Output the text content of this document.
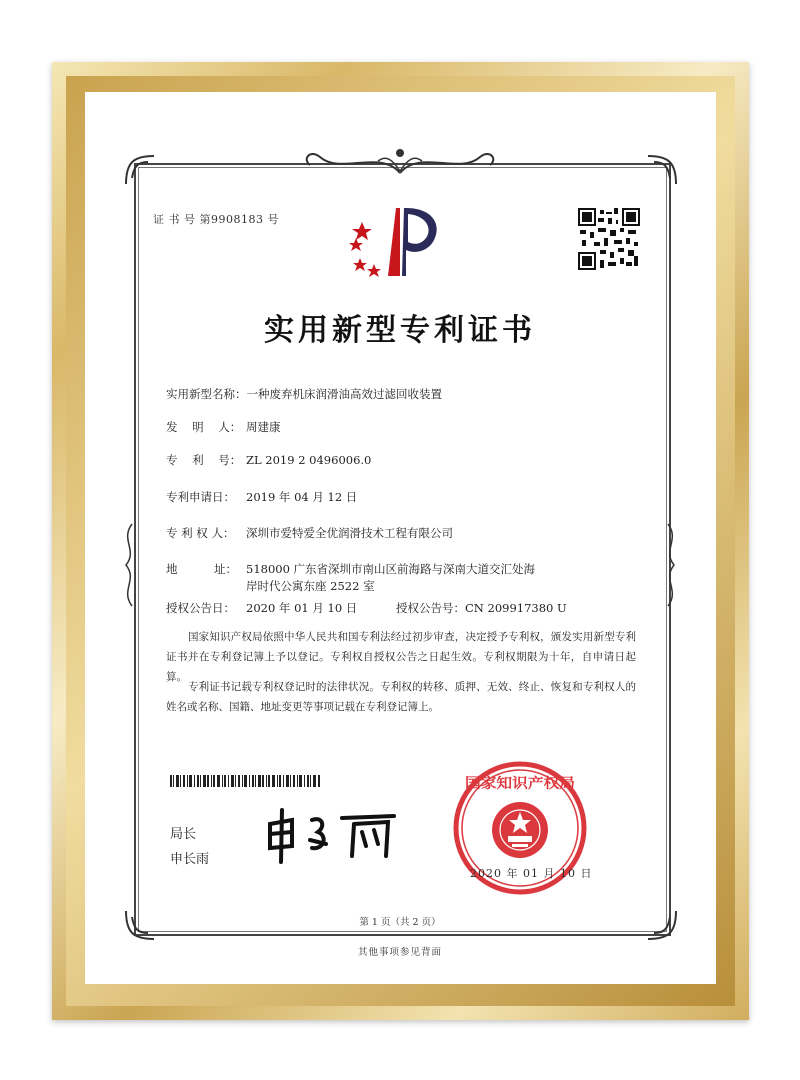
证 书 号 第9908183 号
实用新型专利证书
实用新型名称：一种废弃机床润滑油高效过滤回收装置
发    明    人： 周建康
专    利    号： ZL 2019 2 0496006.0
专利申请日： 2019 年 04 月 12 日
专 利 权 人： 深圳市爱特爱全优润滑技术工程有限公司
地          址： 518000 广东省深圳市南山区前海路与深南大道交汇处海
岸时代公寓东座 2522 室
授权公告日： 2020 年 01 月 10 日	授权公告号：CN 209917380 U
国家知识产权局依照中华人民共和国专利法经过初步审查，决定授予专利权，颁发实用新型专利证书并在专利登记簿上予以登记。专利权自授权公告之日起生效。专利权期限为十年，自申请日起算。
专利证书记载专利权登记时的法律状况。专利权的转移、质押、无效、终止、恢复和专利权人的姓名或名称、国籍、地址变更等事项记载在专利登记簿上。
局长
申长雨
国家知识产权局
2020 年 01 月 10 日
第 1 页（共 2 页）
其他事项参见背面
